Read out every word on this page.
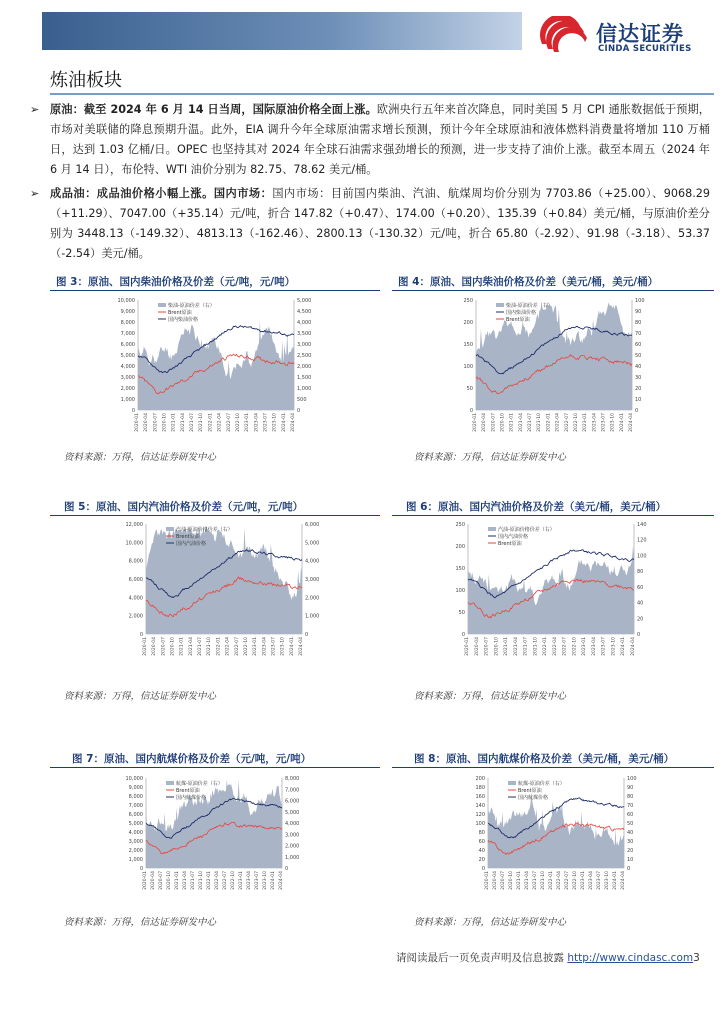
信达证券
CINDA SECURITIES
炼油板块
➢ 原油：截至 2024 年 6 月 14 日当周，国际原油价格全面上涨。欧洲央行五年来首次降息，同时美国 5 月 CPI 通胀数据低于预期，市场对美联储的降息预期升温。此外，EIA 调升今年全球原油需求增长预测，预计今年全球原油和液体燃料消费量将增加 110 万桶日，达到 1.03 亿桶/日。OPEC 也坚持其对 2024 年全球石油需求强劲增长的预测，进一步支持了油价上涨。截至本周五（2024 年 6 月 14 日），布伦特、WTI 油价分别为 82.75、78.62 美元/桶。
➢ 成品油：成品油价格小幅上涨。国内市场：国内市场：目前国内柴油、汽油、航煤周均价分别为 7703.86（+25.00）、9068.29（+11.29）、7047.00（+35.14）元/吨，折合 147.82（+0.47）、174.00（+0.20）、135.39（+0.84）美元/桶，与原油价差分别为 3448.13（-149.32）、4813.13（-162.46）、2800.13（-130.32）元/吨，折合 65.80（-2.92）、91.98（-3.18）、53.37（-2.54）美元/桶。
图 3：原油、国内柴油价格及价差（元/吨，元/吨）	图 4：原油、国内柴油价格及价差（美元/桶，美元/桶）
图 5：原油、国内汽油价格及价差（元/吨，元/吨）	图 6：原油、国内汽油价格及价差（美元/桶，美元/桶）
图 7：原油、国内航煤价格及价差（元/吨，元/吨）	图 8：原油、国内航煤价格及价差（美元/桶，美元/桶）
10,000
9,000
8,000
7,000
6,000
5,000
4,000
3,000
2,000
1,000
0
5,000
4,500
4,000
3,500
3,000
2,500
2,000
1,500
1,000
500
0
2020-01 2020-04 2020-07 2020-10 2021-01 2021-04 2021-07 2021-10 2022-01 2022-04 2022-07 2022-10 2023-01 2023-04 2023-07 2023-10 2024-01 2024-04
柴油-原油价差（右）
Brent原油
国内柴油价格
250
200
150
100
50
0
100
90
80
70
60
50
40
30
20
10
0
2020-01 2020-04 2020-07 2020-10 2021-01 2021-04 2021-07 2021-10 2022-01 2022-04 2022-07 2022-10 2023-01 2023-04 2023-07 2023-10 2024-01 2024-04
柴油-原油价差（右）
国内柴油价格
Brent原油
12,000
10,000
8,000
6,000
4,000
2,000
0
6,000
5,000
4,000
3,000
2,000
1,000
0
2020-01 2020-04 2020-07 2020-10 2021-01 2021-04 2021-07 2021-10 2022-01 2022-04 2022-07 2022-10 2023-01 2023-04 2023-07 2023-10 2024-01 2024-04
汽油-原油价格价差（右）
Brent原油
国内汽油价格
250
200
150
100
50
0
140
120
100
80
60
40
20
0
2020-01 2020-04 2020-07 2020-10 2021-01 2021-04 2021-07 2021-10 2022-01 2022-04 2022-07 2022-10 2023-01 2023-04 2023-07 2023-10 2024-01 2024-04
汽油-原油价格价差（右）
国内汽油价格
Brent原油
10,000
9,000
8,000
7,000
6,000
5,000
4,000
3,000
2,000
1,000
0
8,000
7,000
6,000
5,000
4,000
3,000
2,000
1,000
0
2020-01 2020-04 2020-07 2020-10 2021-01 2021-04 2021-07 2021-10 2022-01 2022-04 2022-07 2022-10 2023-01 2023-04 2023-07 2023-10 2024-01 2024-04
航煤-原油价差（右）
Brent原油
国内航煤价格
200
180
160
140
120
100
80
60
40
20
0
100
90
80
70
60
50
40
30
20
10
0
2020-01 2020-04 2020-07 2020-10 2021-01 2021-04 2021-07 2021-10 2022-01 2022-04 2022-07 2022-10 2023-01 2023-04 2023-07 2023-10 2024-01 2024-04
航煤-原油价差（右）
Brent原油
国内航煤价格
资料来源：万得，信达证券研发中心	资料来源：万得，信达证券研发中心
资料来源：万得，信达证券研发中心	资料来源：万得，信达证券研发中心
资料来源：万得，信达证券研发中心	资料来源：万得，信达证券研发中心
请阅读最后一页免责声明及信息披露 http://www.cindasc.com3
